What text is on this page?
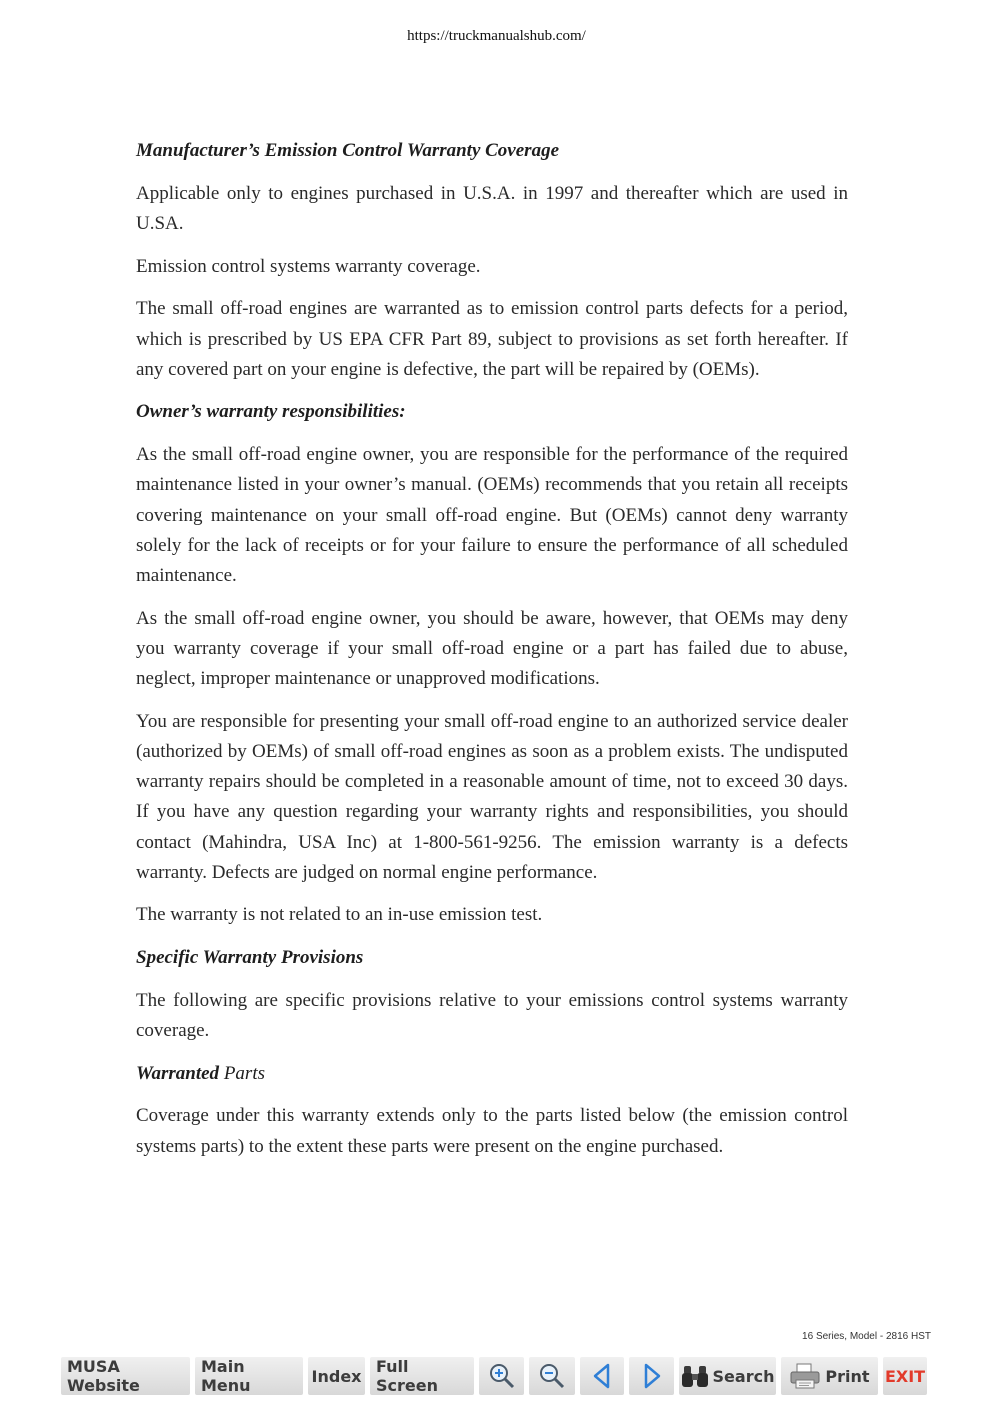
https://truckmanualshub.com/

Manufacturer’s Emission Control Warranty Coverage

Applicable only to engines purchased in U.S.A. in 1997 and thereafter which are used in U.SA.

Emission control systems warranty coverage.

The small off-road engines are warranted as to emission control parts defects for a period, which is prescribed by US EPA CFR Part 89, subject to provisions as set forth hereafter. If any covered part on your engine is defective, the part will be repaired by (OEMs).

Owner’s warranty responsibilities:

As the small off-road engine owner, you are responsible for the performance of the required maintenance listed in your owner’s manual. (OEMs) recommends that you retain all receipts covering maintenance on your small off-road engine. But (OEMs) cannot deny warranty solely for the lack of receipts or for your failure to ensure the performance of all scheduled maintenance.

As the small off-road engine owner, you should be aware, however, that OEMs may deny you warranty coverage if your small off-road engine or a part has failed due to abuse, neglect, improper maintenance or unapproved modifications.

You are responsible for presenting your small off-road engine to an authorized service dealer (authorized by OEMs) of small off-road engines as soon as a problem exists. The undisputed warranty repairs should be completed in a reasonable amount of time, not to exceed 30 days. If you have any question regarding your warranty rights and responsibilities, you should contact (Mahindra, USA Inc) at 1-800-561-9256. The emission warranty is a defects warranty. Defects are judged on normal engine performance.

The warranty is not related to an in-use emission test.

Specific Warranty Provisions

The following are specific provisions relative to your emissions control systems warranty coverage.

Warranted Parts

Coverage under this warranty extends only to the parts listed below (the emission control systems parts) to the extent these parts were present on the engine purchased.

16 Series, Model - 2816 HST
MUSA Website
Main Menu	Index Full Screen	Search	Print EXIT
